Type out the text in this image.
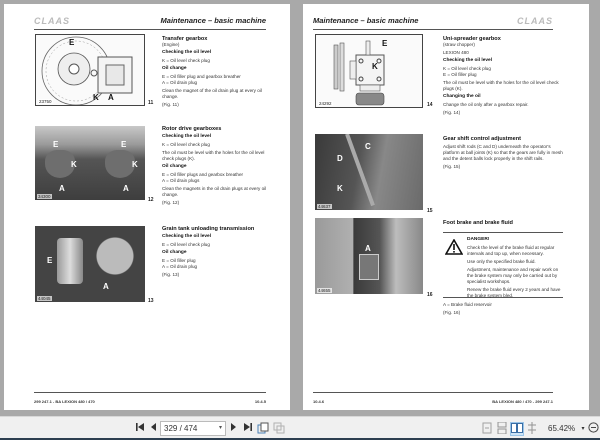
CLAAS	Maintenance – basic machine
E
K A
23750	11
Transfer gearbox

(Engine)

Checking the oil level

K = Oil level check plug

Oil change
E = Oil filler plug and gearbox breather

A = Oil drain plug

Clean the magnet of the oil drain plug at every oil change.

(Fig. 11)

E
K
A
E
K
A
34300
12
Rotor drive gearboxes
Checking the oil level

K = Oil level check plug

The oil must be level with the holes for the oil level check plugs (K).

Oil change
E = Oil filler plugs and gearbox breather

A = Oil drain plugs

Clean the magnets in the oil drain plugs at every oil change.

(Fig. 12)

E
A
44045	13
Grain tank unloading transmission
Checking the oil level

E = Oil level check plug

Oil change
E = Oil filler plug

A = Oil drain plug

(Fig. 13)

299 247.1 - BA LEXION 480 / 470	10.4.5
Maintenance – basic machine	CLAAS
E
K
24292	14
Uni-spreader gearbox

(straw chopper)

LEXION 480

Checking the oil level
K = Oil level check plug

E = Oil filler plug

The oil must be level with the holes for the oil level check plugs (K).

Changing the oil

Change the oil only after a gearbox repair.

(Fig. 14)

C
D
K
44637
15
Gear shift control adjustment

Adjust shift rods (C and D) underneath the operator's platform at ball joints (K) so that the gears are fully in mesh and the detent balls lock properly in the shift rails.

(Fig. 15)

A
44655
16
Foot brake and brake fluid
DANGER!

Check the level of the brake fluid at regular intervals and top up, when necessary.

Use only the specified brake fluid.

Adjustment, maintenance and repair work on the brake system may only be carried out by specialist workshops.

Renew the brake fluid every 2 years and have the brake system bled.

A = Brake fluid reservoir

(Fig. 16)

10.4.6	BA LEXION 480 / 470 - 299 247.1
329 / 474	▾	65.42% ▾
